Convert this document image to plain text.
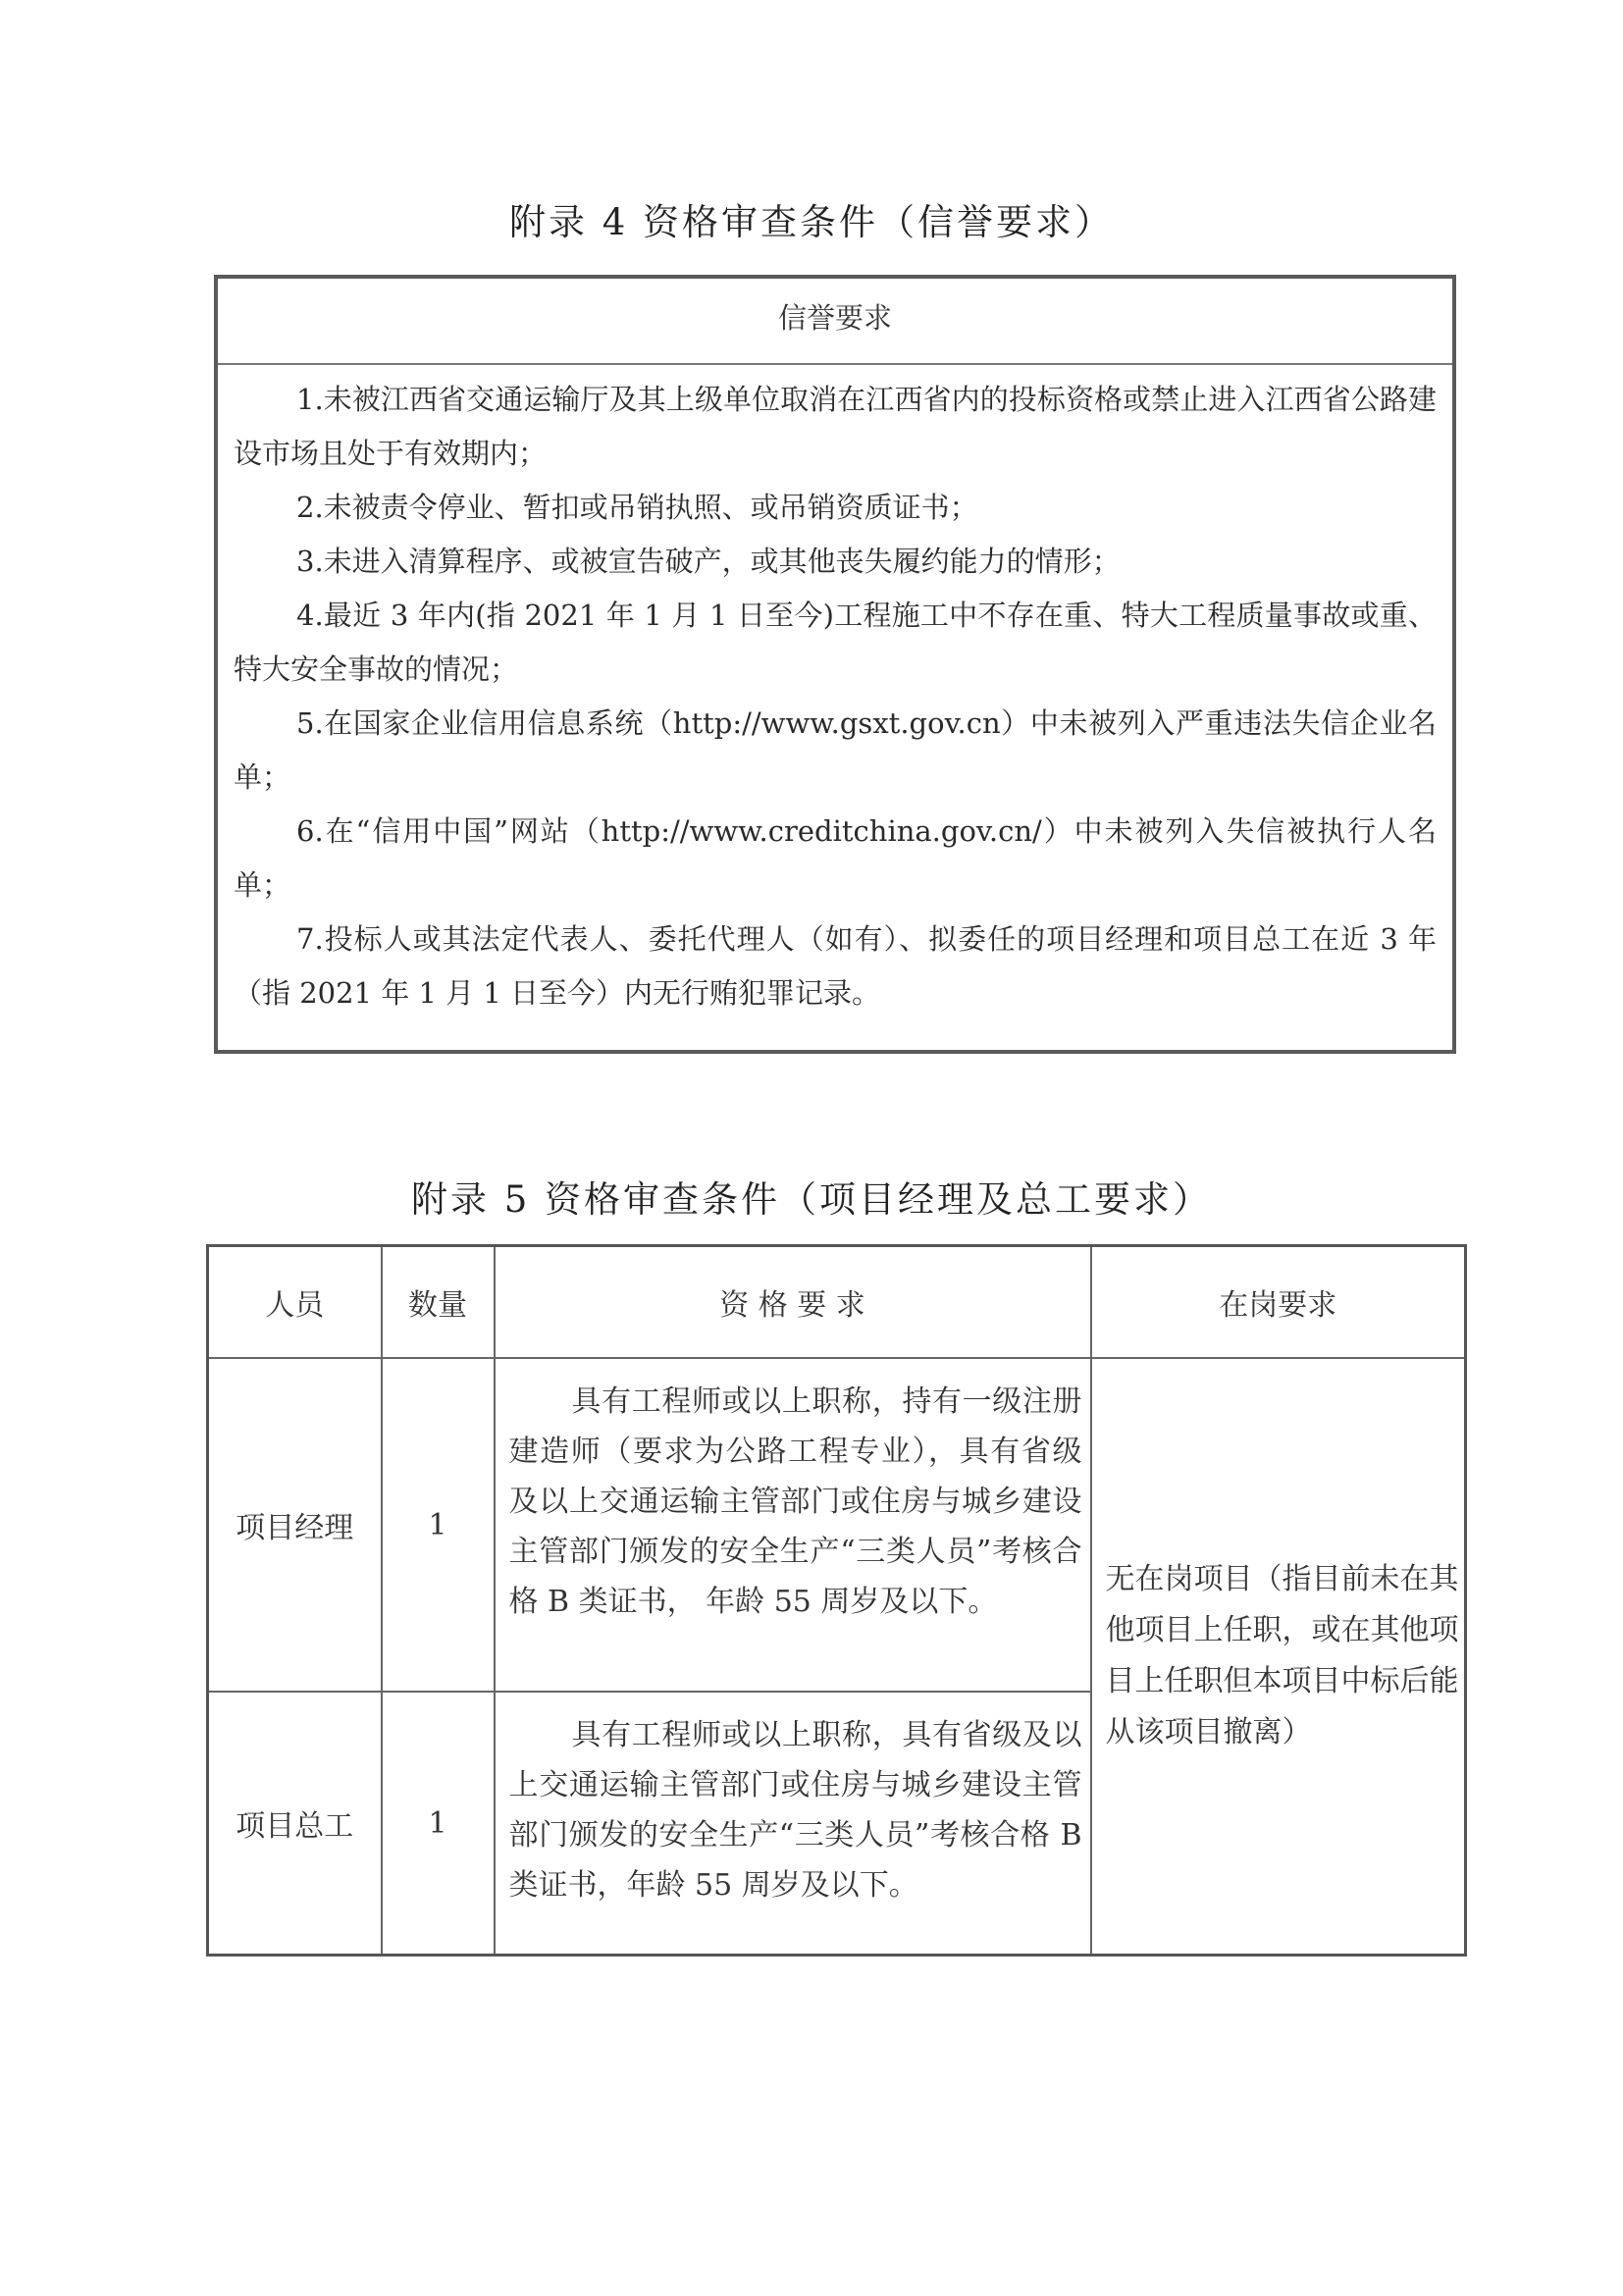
附录 4 资格审查条件（信誉要求）
信誉要求

1.未被江西省交通运输厅及其上级单位取消在江西省内的投标资格或禁止进入江西省公路建设市场且处于有效期内；

2.未被责令停业、暂扣或吊销执照、或吊销资质证书；

3.未进入清算程序、或被宣告破产，或其他丧失履约能力的情形；

4.最近 3 年内(指 2021 年 1 月 1 日至今)工程施工中不存在重、特大工程质量事故或重、特大安全事故的情况；

5.在国家企业信用信息系统（http://www.gsxt.gov.cn）中未被列入严重违法失信企业名单；

6.在“信用中国”网站（http://www.creditchina.gov.cn/）中未被列入失信被执行人名单；

7.投标人或其法定代表人、委托代理人（如有）、拟委任的项目经理和项目总工在近 3 年（指 2021 年 1 月 1 日至今）内无行贿犯罪记录。

附录 5 资格审查条件（项目经理及总工要求）
人员	数量	资 格 要 求	在岗要求
项目经理	1	具有工程师或以上职称，持有一级注册建造师（要求为公路工程专业），具有省级及以上交通运输主管部门或住房与城乡建设主管部门颁发的安全生产“三类人员”考核合格 B 类证书， 年龄 55 周岁及以下。	无在岗项目（指目前未在其他项目上任职，或在其他项目上任职但本项目中标后能从该项目撤离）
项目总工	1	具有工程师或以上职称，具有省级及以上交通运输主管部门或住房与城乡建设主管部门颁发的安全生产“三类人员”考核合格 B 类证书，年龄 55 周岁及以下。	
